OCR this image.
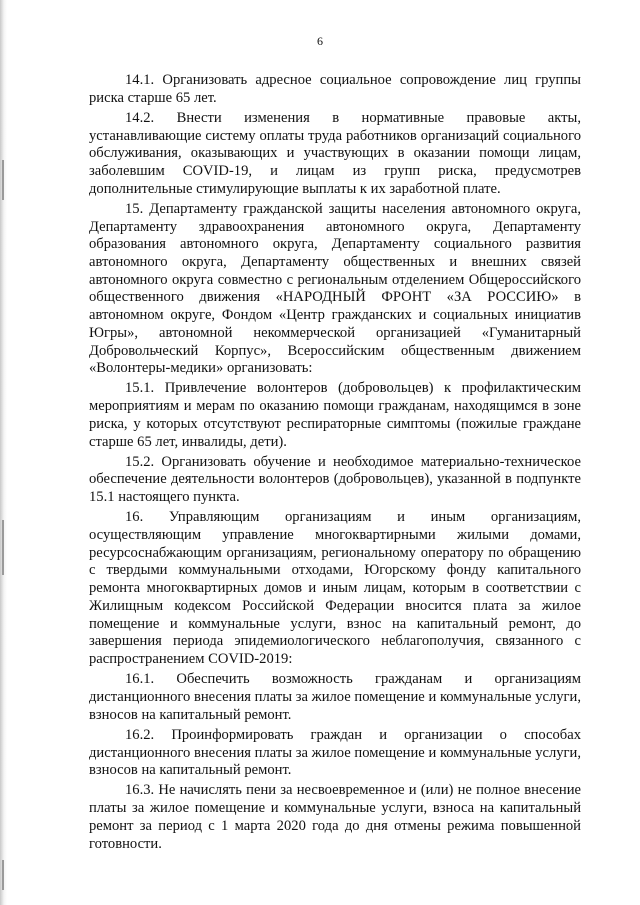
6

14.1. Организовать адресное социальное сопровождение лиц группы риска старше 65 лет.

14.2. Внести изменения в нормативные правовые акты, устанавливающие систему оплаты труда работников организаций социального обслуживания, оказывающих и участвующих в оказании помощи лицам, заболевшим COVID-19, и лицам из групп риска, предусмотрев дополнительные стимулирующие выплаты к их заработной плате.

15. Департаменту гражданской защиты населения автономного округа, Департаменту здравоохранения автономного округа, Департаменту образования автономного округа, Департаменту социального развития автономного округа, Департаменту общественных и внешних связей автономного округа совместно с региональным отделением Общероссийского общественного движения «НАРОДНЫЙ ФРОНТ «ЗА РОССИЮ» в автономном округе, Фондом «Центр гражданских и социальных инициатив Югры», автономной некоммерческой организацией «Гуманитарный Добровольческий Корпус», Всероссийским общественным движением «Волонтеры-медики» организовать:

15.1. Привлечение волонтеров (добровольцев) к профилактическим мероприятиям и мерам по оказанию помощи гражданам, находящимся в зоне риска, у которых отсутствуют респираторные симптомы (пожилые граждане старше 65 лет, инвалиды, дети).

15.2. Организовать обучение и необходимое материально-техническое обеспечение деятельности волонтеров (добровольцев), указанной в подпункте 15.1 настоящего пункта.

16. Управляющим организациям и иным организациям, осуществляющим управление многоквартирными жилыми домами, ресурсоснабжающим организациям, региональному оператору по обращению с твердыми коммунальными отходами, Югорскому фонду капитального ремонта многоквартирных домов и иным лицам, которым в соответствии с Жилищным кодексом Российской Федерации вносится плата за жилое помещение и коммунальные услуги, взнос на капитальный ремонт, до завершения периода эпидемиологического неблагополучия, связанного с распространением COVID-2019:

16.1. Обеспечить возможность гражданам и организациям дистанционного внесения платы за жилое помещение и коммунальные услуги, взносов на капитальный ремонт.

16.2. Проинформировать граждан и организации о способах дистанционного внесения платы за жилое помещение и коммунальные услуги, взносов на капитальный ремонт.

16.3. Не начислять пени за несвоевременное и (или) не полное внесение платы за жилое помещение и коммунальные услуги, взноса на капитальный ремонт за период с 1 марта 2020 года до дня отмены режима повышенной готовности.
